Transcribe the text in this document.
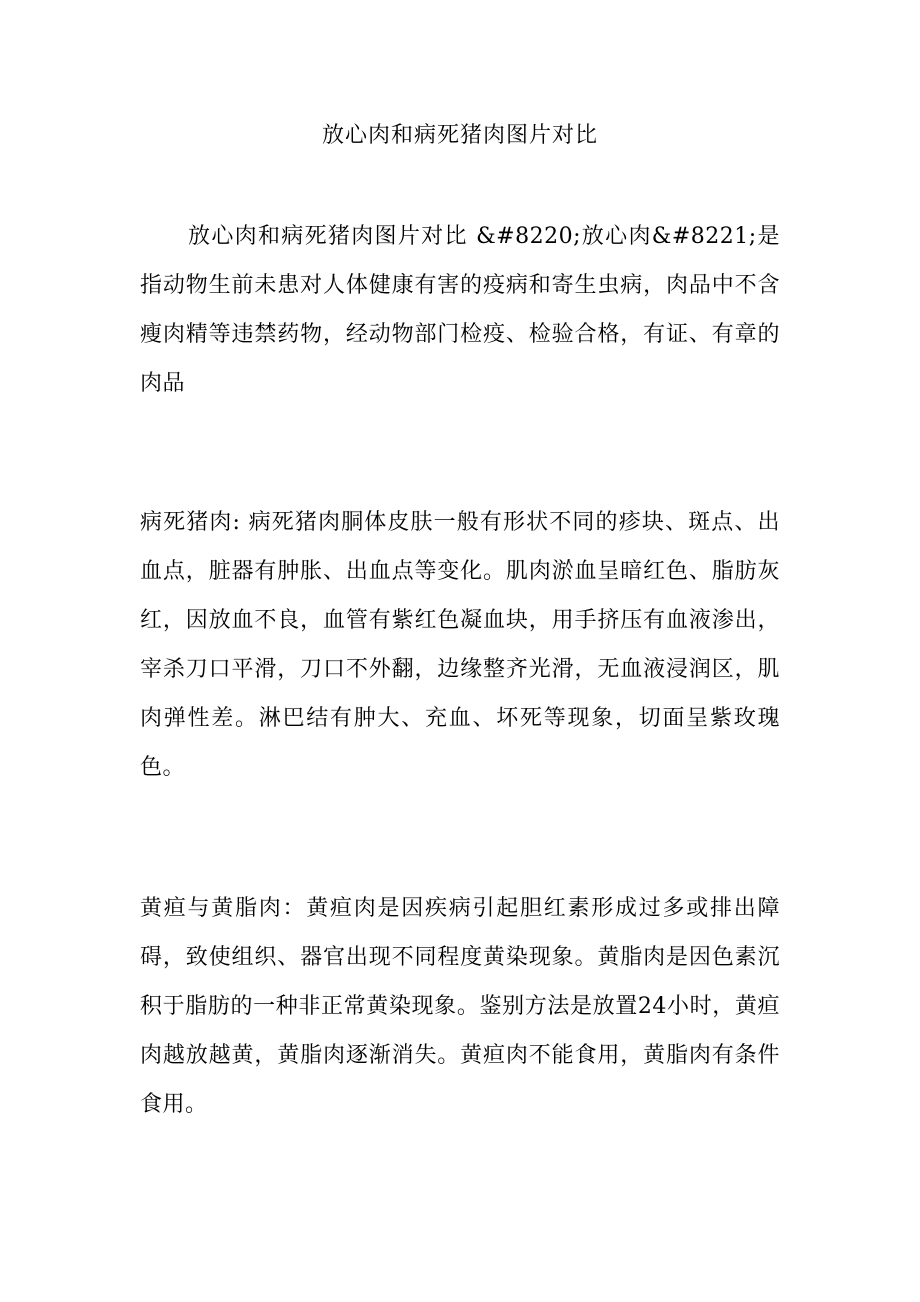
放心肉和病死猪肉图片对比

放心肉和病死猪肉图片对比 &#8220;放心肉&#8221;是指动物生前未患对人体健康有害的疫病和寄生虫病，肉品中不含瘦肉精等违禁药物，经动物部门检疫、检验合格，有证、有章的肉品

病死猪肉: 病死猪肉胴体皮肤一般有形状不同的疹块、斑点、出血点，脏器有肿胀、出血点等变化。肌肉淤血呈暗红色、脂肪灰红，因放血不良，血管有紫红色凝血块，用手挤压有血液渗出，宰杀刀口平滑，刀口不外翻，边缘整齐光滑，无血液浸润区，肌肉弹性差。淋巴结有肿大、充血、坏死等现象，切面呈紫玫瑰色。

黄疸与黄脂肉：黄疸肉是因疾病引起胆红素形成过多或排出障碍，致使组织、器官出现不同程度黄染现象。黄脂肉是因色素沉积于脂肪的一种非正常黄染现象。鉴别方法是放置24小时，黄疸肉越放越黄，黄脂肉逐渐消失。黄疸肉不能食用，黄脂肉有条件食用。
